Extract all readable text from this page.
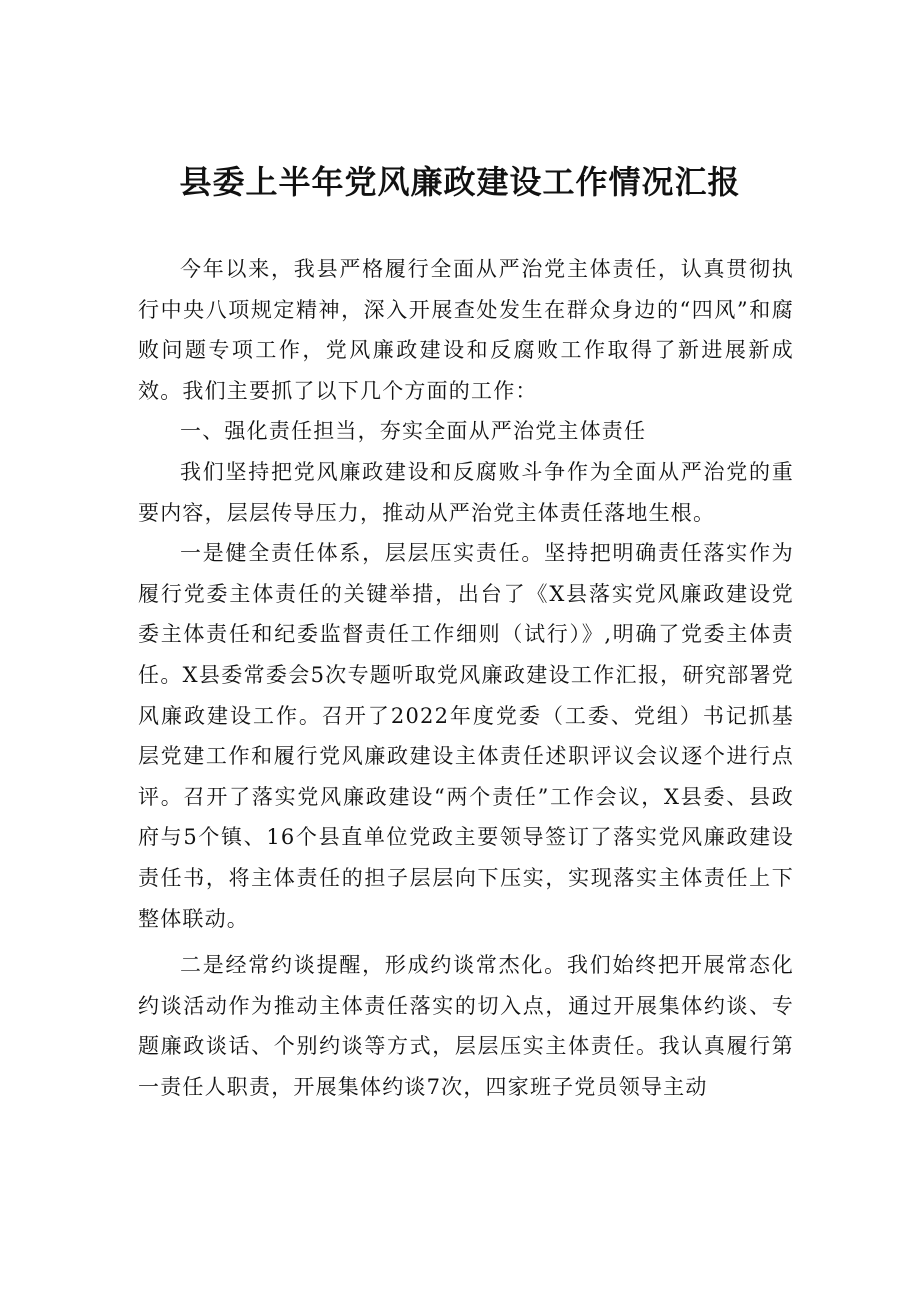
县委上半年党风廉政建设工作情况汇报

今年以来，我县严格履行全面从严治党主体责任，认真贯彻执行中央八项规定精神，深入开展查处发生在群众身边的“四风”和腐败问题专项工作，党风廉政建设和反腐败工作取得了新进展新成效。我们主要抓了以下几个方面的工作：

一、强化责任担当，夯实全面从严治党主体责任

我们坚持把党风廉政建设和反腐败斗争作为全面从严治党的重要内容，层层传导压力，推动从严治党主体责任落地生根。

一是健全责任体系，层层压实责任。坚持把明确责任落实作为履行党委主体责任的关键举措，出台了《X县落实党风廉政建设党委主体责任和纪委监督责任工作细则（试行）》,明确了党委主体责任。X县委常委会5次专题听取党风廉政建设工作汇报，研究部署党风廉政建设工作。召开了2022年度党委（工委、党组）书记抓基层党建工作和履行党风廉政建设主体责任述职评议会议逐个进行点评。召开了落实党风廉政建设“两个责任”工作会议，X县委、县政府与5个镇、16个县直单位党政主要领导签订了落实党风廉政建设责任书，将主体责任的担子层层向下压实，实现落实主体责任上下整体联动。

二是经常约谈提醒，形成约谈常杰化。我们始终把开展常态化约谈活动作为推动主体责任落实的切入点，通过开展集体约谈、专题廉政谈话、个别约谈等方式，层层压实主体责任。我认真履行第一责任人职责，开展集体约谈7次，四家班子党员领导主动
